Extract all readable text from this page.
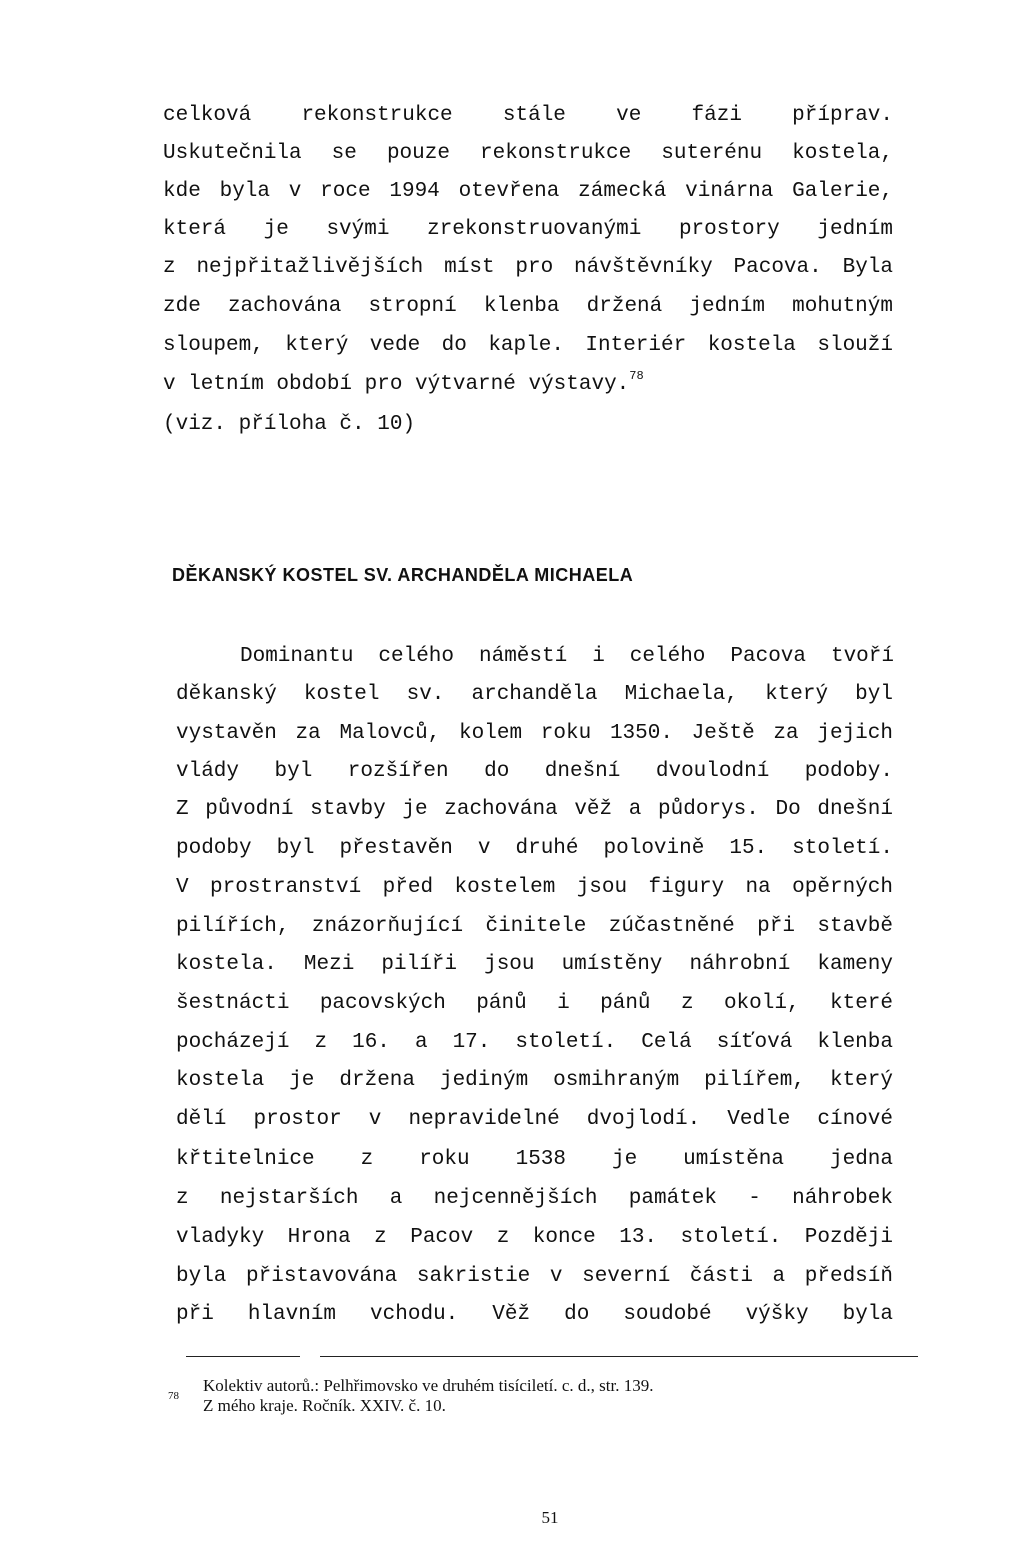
celková rekonstrukce stále ve fázi příprav.
Uskutečnila se pouze rekonstrukce suterénu kostela,
kde byla v roce 1994 otevřena zámecká vinárna Galerie,
která je svými zrekonstruovanými prostory jedním
z nejpřitažlivějších míst pro návštěvníky Pacova. Byla
zde zachována stropní klenba držená jedním mohutným
sloupem, který vede do kaple. Interiér kostela slouží
v letním období pro výtvarné výstavy.$^{78}$
(viz. příloha č. 10)
DĚKANSKÝ KOSTEL SV. ARCHANDĚLA MICHAELA
Dominantu celého náměstí i celého Pacova tvoří
děkanský kostel sv. archanděla Michaela, který byl
vystavěn za Malovců, kolem roku 1350. Ještě za jejich
vlády byl rozšířen do dnešní dvoulodní podoby.
Z původní stavby je zachována věž a půdorys. Do dnešní
podoby byl přestavěn v druhé polovině 15. století.
V prostranství před kostelem jsou figury na opěrných
pilířích, znázorňující činitele zúčastněné při stavbě
kostela. Mezi pilíři jsou umístěny náhrobní kameny
šestnácti pacovských pánů i pánů z okolí, které
pocházejí z 16. a 17. století. Celá síťová klenba
kostela je držena jediným osmihraným pilířem, který
dělí prostor v nepravidelné dvojlodí. Vedle cínové
křtitelnice z roku 1538 je umístěna jedna
z nejstarších a nejcennějších památek - náhrobek
vladyky Hrona z Pacov z konce 13. století. Později
byla přistavována sakristie v severní části a předsíň
při hlavním vchodu. Věž do soudobé výšky byla
78
Kolektiv autorů.: Pelhřimovsko ve druhém tisíciletí. c. d., str. 139.
Z mého kraje. Ročník. XXIV. č. 10.
51
